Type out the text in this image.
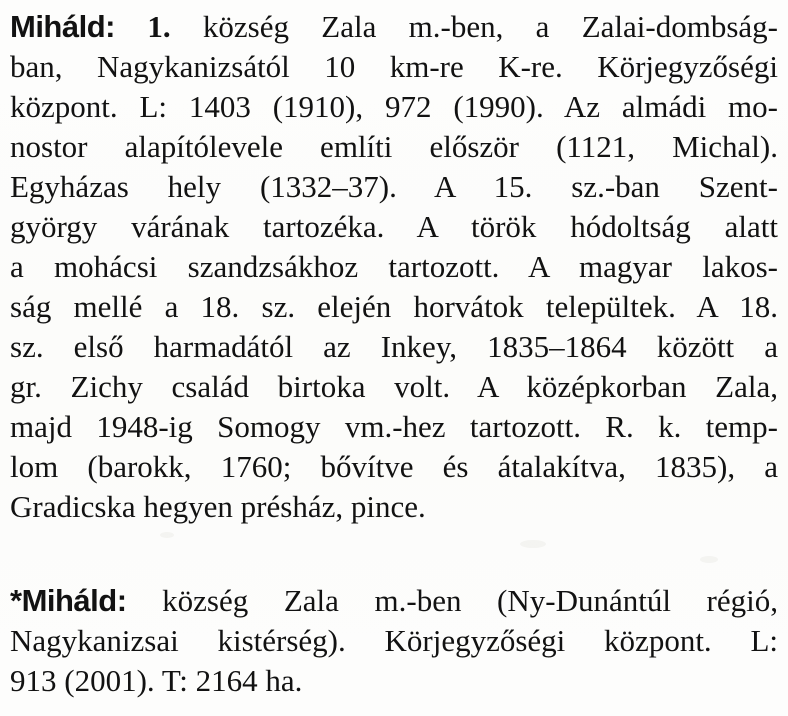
Miháld: 1. község Zala m.-ben, a Zalai-dombság-
ban, Nagykanizsától 10 km-re K-re. Körjegyzőségi
központ. L: 1403 (1910), 972 (1990). Az almádi mo-
nostor alapítólevele említi először (1121, Michal).
Egyházas hely (1332–37). A 15. sz.-ban Szent-
györgy várának tartozéka. A török hódoltság alatt
a mohácsi szandzsákhoz tartozott. A magyar lakos-
ság mellé a 18. sz. elején horvátok települtek. A 18.
sz. első harmadától az Inkey, 1835–1864 között a
gr. Zichy család birtoka volt. A középkorban Zala,
majd 1948-ig Somogy vm.-hez tartozott. R. k. temp-
lom (barokk, 1760; bővítve és átalakítva, 1835), a
Gradicska hegyen présház, pince.
*Miháld: község Zala m.-ben (Ny-Dunántúl régió,
Nagykanizsai kistérség). Körjegyzőségi központ. L:
913 (2001). T: 2164 ha.
